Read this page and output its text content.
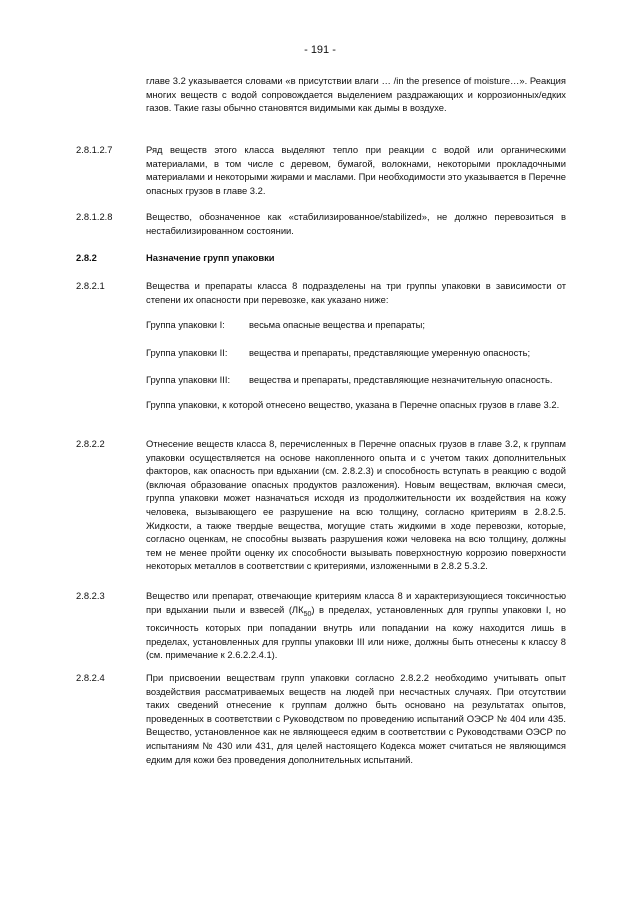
- 191 -
главе 3.2 указывается словами «в присутствии влаги … /in the presence of moisture…». Реакция многих веществ с водой сопровождается выделением раздражающих и коррозионных/едких газов. Такие газы обычно становятся видимыми как дымы в воздухе.
2.8.1.2.7	Ряд веществ этого класса выделяют тепло при реакции с водой или органическими материалами, в том числе с деревом, бумагой, волокнами, некоторыми прокладочными материалами и некоторыми жирами и маслами. При необходимости это указывается в Перечне опасных грузов в главе 3.2.
2.8.1.2.8	Вещество, обозначенное как «стабилизированное/stabilized», не должно перевозиться в нестабилизированном состоянии.
2.8.2	Назначение групп упаковки
2.8.2.1	Вещества и препараты класса 8 подразделены на три группы упаковки в зависимости от степени их опасности при перевозке, как указано ниже:
Группа упаковки I:	весьма опасные вещества и препараты;
Группа упаковки II: вещества и препараты, представляющие умеренную опасность;
Группа упаковки III: вещества и препараты, представляющие незначительную опасность.
Группа упаковки, к которой отнесено вещество, указана в Перечне опасных грузов в главе 3.2.
2.8.2.2	Отнесение веществ класса 8, перечисленных в Перечне опасных грузов в главе 3.2, к группам упаковки осуществляется на основе накопленного опыта и с учетом таких дополнительных факторов, как опасность при вдыхании (см. 2.8.2.3) и способность вступать в реакцию с водой (включая образование опасных продуктов разложения). Новым веществам, включая смеси, группа упаковки может назначаться исходя из продолжительности их воздействия на кожу человека, вызывающего ее разрушение на всю толщину, согласно критериям в 2.8.2.5. Жидкости, а также твердые вещества, могущие стать жидкими в ходе перевозки, которые, согласно оценкам, не способны вызвать разрушения кожи человека на всю толщину, должны тем не менее пройти оценку их способности вызывать поверхностную коррозию поверхности некоторых металлов в соответствии с критериями, изложенными в 2.8.2 5.3.2.
2.8.2.3	Вещество или препарат, отвечающие критериям класса 8 и характеризующиеся токсичностью при вдыхании пыли и взвесей $(ЛК_{50})$ в пределах, установленных для группы упаковки I, но токсичность которых при попадании внутрь или попадании на кожу находится лишь в пределах, установленных для группы упаковки III или ниже, должны быть отнесены к классу 8 (см. примечание к 2.6.2.2.4.1).
2.8.2.4	При присвоении веществам групп упаковки согласно 2.8.2.2 необходимо учитывать опыт воздействия рассматриваемых веществ на людей при несчастных случаях. При отсутствии таких сведений отнесение к группам должно быть основано на результатах опытов, проведенных в соответствии с Руководством по проведению испытаний ОЭСР № 404 или 435. Вещество, установленное как не являющееся едким в соответствии с Руководствами ОЭСР по испытаниям № 430 или 431, для целей настоящего Кодекса может считаться не являющимся едким для кожи без проведения дополнительных испытаний.
